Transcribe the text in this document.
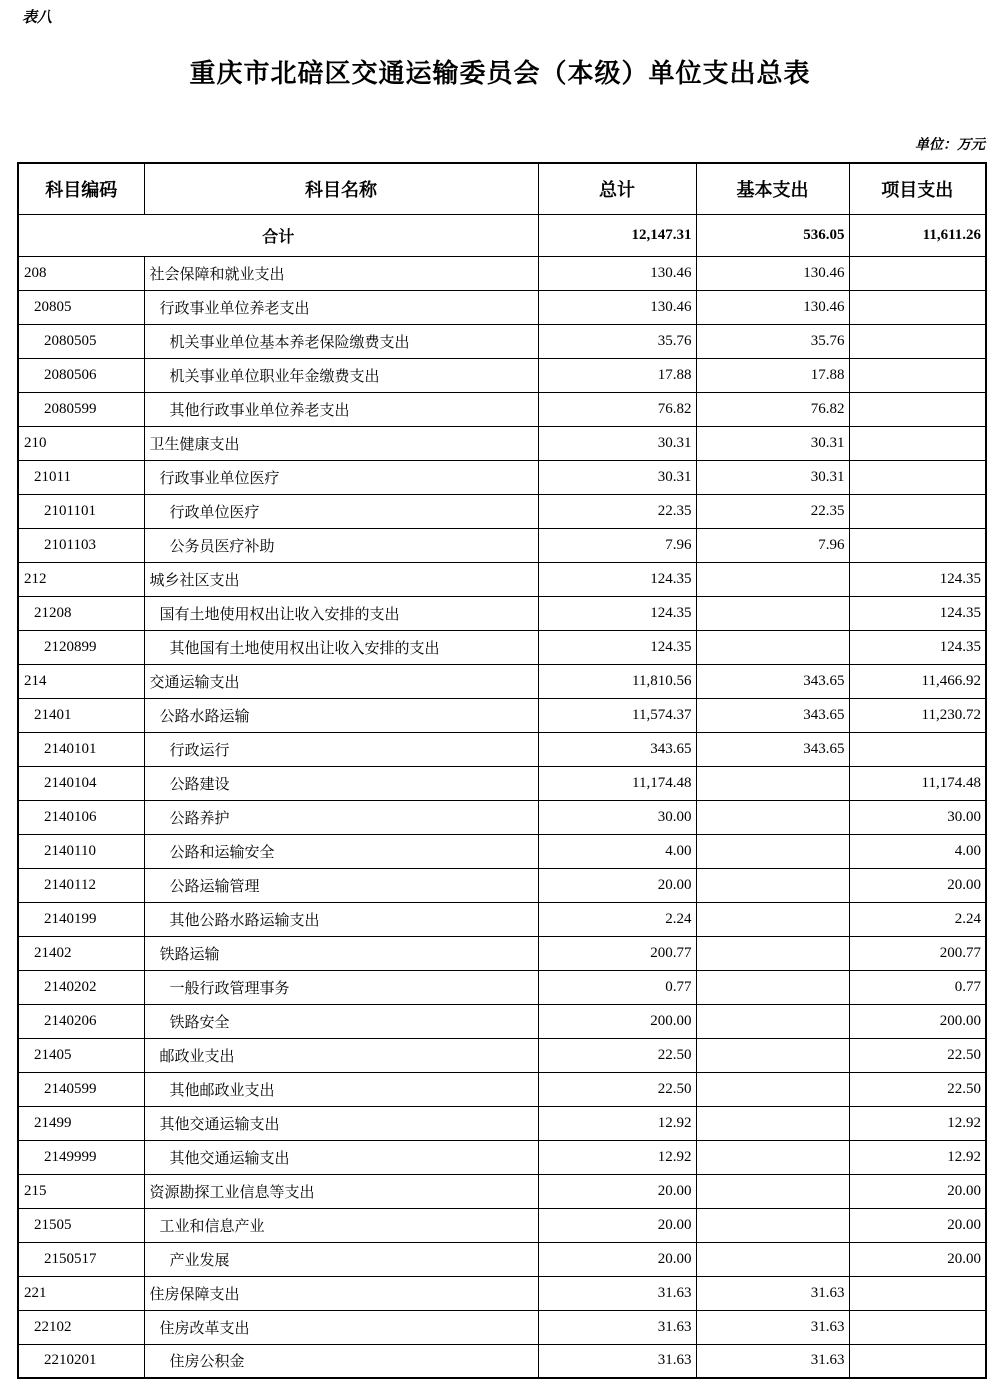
表八
重庆市北碚区交通运输委员会（本级）单位支出总表
单位：万元
科目编码	科目名称	总计	基本支出	项目支出
合计		12,147.31	536.05	11,611.26
208	社会保障和就业支出	130.46	130.46	
20805	行政事业单位养老支出	130.46	130.46	
2080505	机关事业单位基本养老保险缴费支出	35.76	35.76	
2080506	机关事业单位职业年金缴费支出	17.88	17.88	
2080599	其他行政事业单位养老支出	76.82	76.82	
210	卫生健康支出	30.31	30.31	
21011	行政事业单位医疗	30.31	30.31	
2101101	行政单位医疗	22.35	22.35	
2101103	公务员医疗补助	7.96	7.96	
212	城乡社区支出	124.35		124.35
21208	国有土地使用权出让收入安排的支出	124.35		124.35
2120899	其他国有土地使用权出让收入安排的支出	124.35		124.35
214	交通运输支出	11,810.56	343.65	11,466.92
21401	公路水路运输	11,574.37	343.65	11,230.72
2140101	行政运行	343.65	343.65	
2140104	公路建设	11,174.48		11,174.48
2140106	公路养护	30.00		30.00
2140110	公路和运输安全	4.00		4.00
2140112	公路运输管理	20.00		20.00
2140199	其他公路水路运输支出	2.24		2.24
21402	铁路运输	200.77		200.77
2140202	一般行政管理事务	0.77		0.77
2140206	铁路安全	200.00		200.00
21405	邮政业支出	22.50		22.50
2140599	其他邮政业支出	22.50		22.50
21499	其他交通运输支出	12.92		12.92
2149999	其他交通运输支出	12.92		12.92
215	资源勘探工业信息等支出	20.00		20.00
21505	工业和信息产业	20.00		20.00
2150517	产业发展	20.00		20.00
221	住房保障支出	31.63	31.63	
22102	住房改革支出	31.63	31.63	
2210201	住房公积金	31.63	31.63	
